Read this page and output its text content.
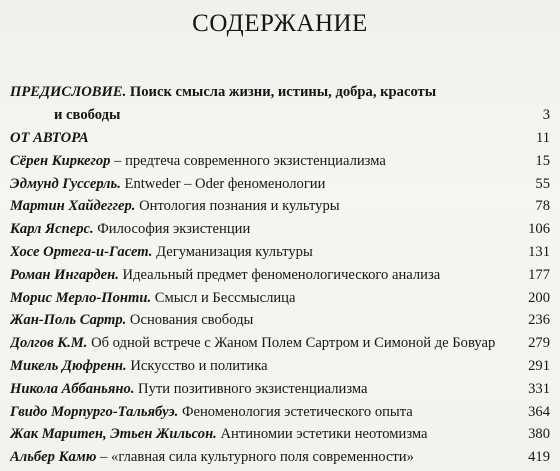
СОДЕРЖАНИЕ
ПРЕДИСЛОВИЕ. Поиск смысла жизни, истины, добра, красоты
и свободы	3
ОТ АВТОРА	11
Сёрен Киркегор – предтеча современного экзистенциализма	15
Эдмунд Гуссерль. Entweder – Oder феноменологии	55
Мартин Хайдеггер. Онтология познания и культуры	78
Карл Ясперс. Философия экзистенции	106
Хосе Ортега-и-Гасет. Дегуманизация культуры	131
Роман Ингарден. Идеальный предмет феноменологического анализа	177
Морис Мерло-Понти. Смысл и Бессмыслица	200
Жан-Поль Сартр. Основания свободы	236
Долгов К.М. Об одной встрече с Жаном Полем Сартром и Симоной де Бовуар 279
Микель Дюфренн. Искусство и политика	291
Никола Аббаньяно. Пути позитивного экзистенциализма	331
Гвидо Морпурго-Тальябуэ. Феноменология эстетического опыта	364
Жак Маритен, Этьен Жильсон. Антиномии эстетики неотомизма	380
Альбер Камю – «главная сила культурного поля современности»	419
